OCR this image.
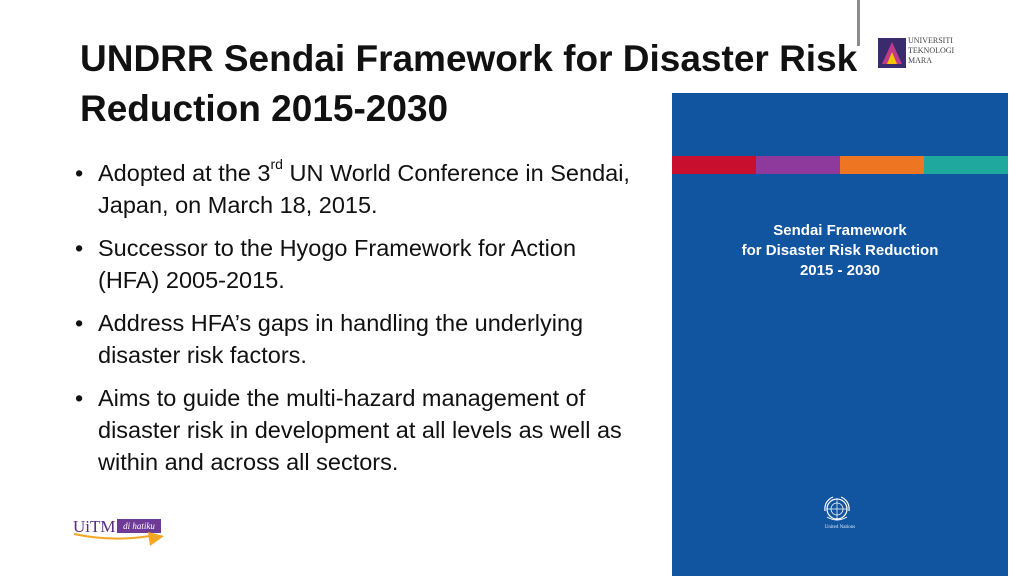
UNDRR Sendai Framework for Disaster Risk Reduction 2015-2030
• Adopted at the 3rd UN World Conference in Sendai, Japan, on March 18, 2015.
• Successor to the Hyogo Framework for Action (HFA) 2005-2015.
• Address HFA’s gaps in handling the underlying disaster risk factors.
• Aims to guide the multi-hazard management of disaster risk in development at all levels as well as within and across all sectors.
Sendai Framework
for Disaster Risk Reduction
2015 - 2030
United Nations
UNIVERSITI
TEKNOLOGI
MARA
UiTM di hatiku
